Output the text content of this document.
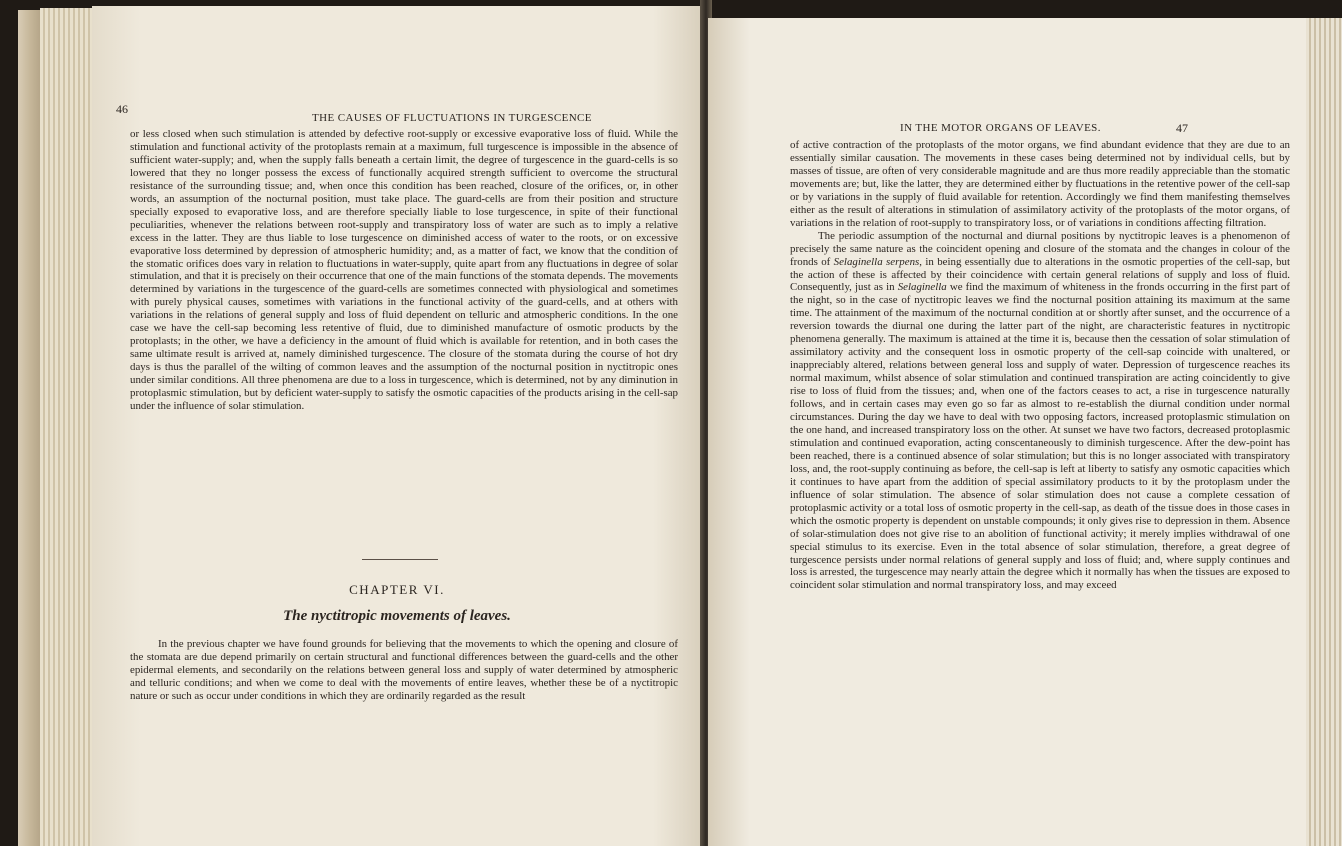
46
THE CAUSES OF FLUCTUATIONS IN TURGESCENCE

or less closed when such stimulation is attended by defective root-supply or excessive evaporative loss of fluid. While the stimulation and functional activity of the protoplasts remain at a maximum, full turgescence is impossible in the absence of sufficient water-supply; and, when the supply falls beneath a certain limit, the degree of turgescence in the guard-cells is so lowered that they no longer possess the excess of functionally acquired strength sufficient to overcome the structural resistance of the surrounding tissue; and, when once this condition has been reached, closure of the orifices, or, in other words, an assumption of the nocturnal position, must take place. The guard-cells are from their position and structure specially exposed to evaporative loss, and are therefore specially liable to lose turgescence, in spite of their functional peculiarities, whenever the relations between root-supply and transpiratory loss of water are such as to imply a relative excess in the latter. They are thus liable to lose turgescence on diminished access of water to the roots, or on excessive evaporative loss determined by depression of atmospheric humidity; and, as a matter of fact, we know that the condition of the stomatic orifices does vary in relation to fluctuations in water-supply, quite apart from any fluctuations in degree of solar stimulation, and that it is precisely on their occurrence that one of the main functions of the stomata depends. The movements determined by variations in the turgescence of the guard-cells are sometimes connected with physiological and sometimes with purely physical causes, sometimes with variations in the functional activity of the guard-cells, and at others with variations in the relations of general supply and loss of fluid dependent on telluric and atmospheric conditions. In the one case we have the cell-sap becoming less retentive of fluid, due to diminished manufacture of osmotic products by the protoplasts; in the other, we have a deficiency in the amount of fluid which is available for retention, and in both cases the same ultimate result is arrived at, namely diminished turgescence. The closure of the stomata during the course of hot dry days is thus the parallel of the wilting of common leaves and the assumption of the nocturnal position in nyctitropic ones under similar conditions. All three phenomena are due to a loss in turgescence, which is determined, not by any diminution in protoplasmic stimulation, but by deficient water-supply to satisfy the osmotic capacities of the products arising in the cell-sap under the influence of solar stimulation.

CHAPTER VI.
The nyctitropic movements of leaves.

In the previous chapter we have found grounds for believing that the movements to which the opening and closure of the stomata are due depend primarily on certain structural and functional differences between the guard-cells and the other epidermal elements, and secondarily on the relations between general loss and supply of water determined by atmospheric and telluric conditions; and when we come to deal with the movements of entire leaves, whether these be of a nyctitropic nature or such as occur under conditions in which they are ordinarily regarded as the result

IN THE MOTOR ORGANS OF LEAVES.	47

of active contraction of the protoplasts of the motor organs, we find abundant evidence that they are due to an essentially similar causation. The movements in these cases being determined not by individual cells, but by masses of tissue, are often of very considerable magnitude and are thus more readily appreciable than the stomatic movements are; but, like the latter, they are determined either by fluctuations in the retentive power of the cell-sap or by variations in the supply of fluid available for retention. Accordingly we find them manifesting themselves either as the result of alterations in stimulation of assimilatory activity of the protoplasts of the motor organs, of variations in the relation of root-supply to transpiratory loss, or of variations in conditions affecting filtration.

The periodic assumption of the nocturnal and diurnal positions by nyctitropic leaves is a phenomenon of precisely the same nature as the coincident opening and closure of the stomata and the changes in colour of the fronds of Selaginella serpens, in being essentially due to alterations in the osmotic properties of the cell-sap, but the action of these is affected by their coincidence with certain general relations of supply and loss of fluid. Consequently, just as in Selaginella we find the maximum of whiteness in the fronds occurring in the first part of the night, so in the case of nyctitropic leaves we find the nocturnal position attaining its maximum at the same time. The attainment of the maximum of the nocturnal condition at or shortly after sunset, and the occurrence of a reversion towards the diurnal one during the latter part of the night, are characteristic features in nyctitropic phenomena generally. The maximum is attained at the time it is, because then the cessation of solar stimulation of assimilatory activity and the consequent loss in osmotic property of the cell-sap coincide with unaltered, or inappreciably altered, relations between general loss and supply of water. Depression of turgescence reaches its normal maximum, whilst absence of solar stimulation and continued transpiration are acting coincidently to give rise to loss of fluid from the tissues; and, when one of the factors ceases to act, a rise in turgescence naturally follows, and in certain cases may even go so far as almost to re-establish the diurnal condition under normal circumstances. During the day we have to deal with two opposing factors, increased protoplasmic stimulation on the one hand, and increased transpiratory loss on the other. At sunset we have two factors, decreased protoplasmic stimulation and continued evaporation, acting conscentaneously to diminish turgescence. After the dew-point has been reached, there is a continued absence of solar stimulation; but this is no longer associated with transpiratory loss, and, the root-supply continuing as before, the cell-sap is left at liberty to satisfy any osmotic capacities which it continues to have apart from the addition of special assimilatory products to it by the protoplasm under the influence of solar stimulation. The absence of solar stimulation does not cause a complete cessation of protoplasmic activity or a total loss of osmotic property in the cell-sap, as death of the tissue does in those cases in which the osmotic property is dependent on unstable compounds; it only gives rise to depression in them. Absence of solar-stimulation does not give rise to an abolition of functional activity; it merely implies withdrawal of one special stimulus to its exercise. Even in the total absence of solar stimulation, therefore, a great degree of turgescence persists under normal relations of general supply and loss of fluid; and, where supply continues and loss is arrested, the turgescence may nearly attain the degree which it normally has when the tissues are exposed to coincident solar stimulation and normal transpiratory loss, and may exceed
